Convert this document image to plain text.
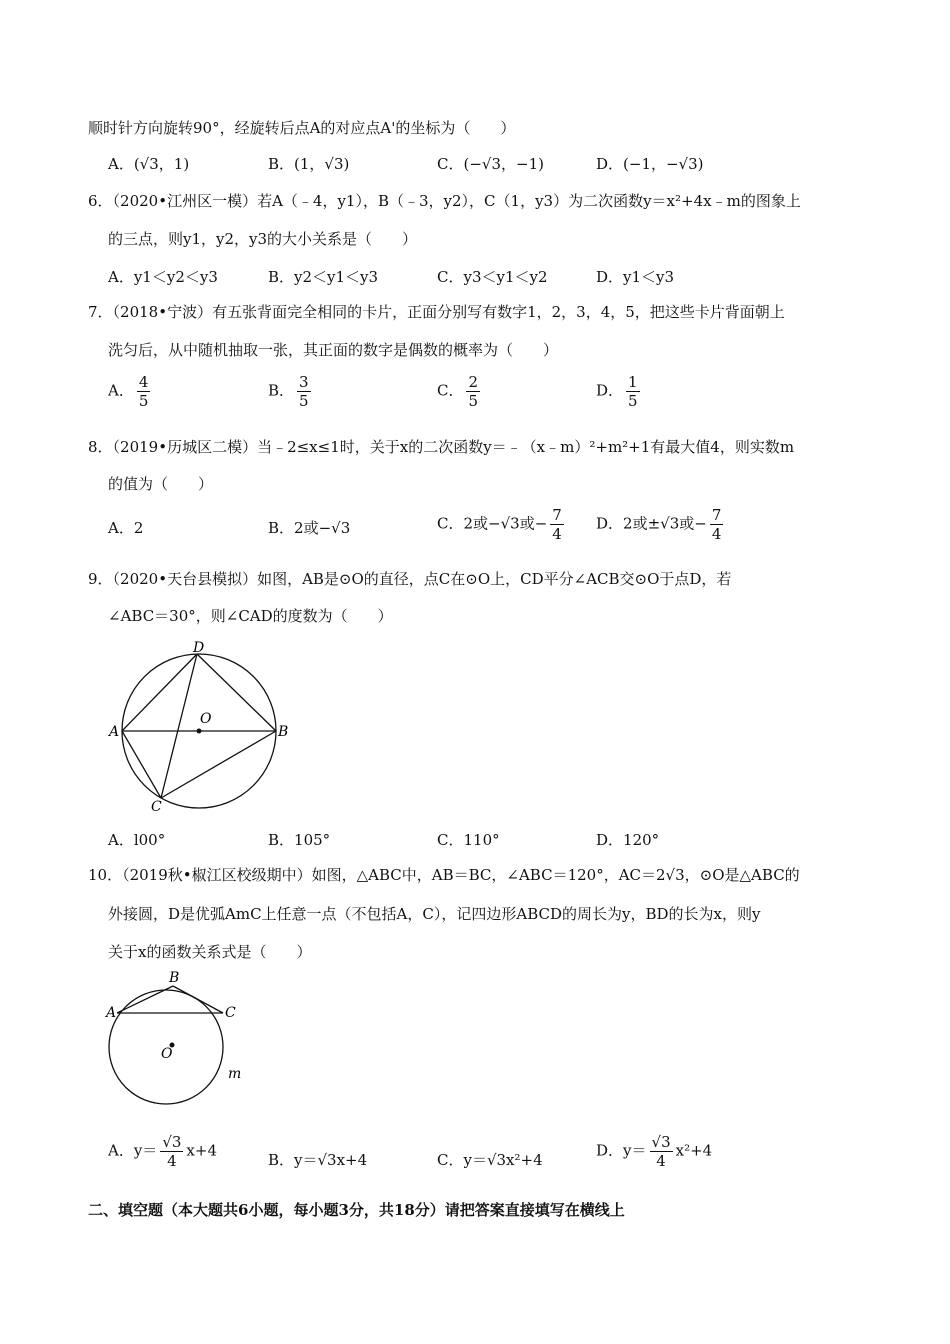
顺时针方向旋转90°，经旋转后点A的对应点A'的坐标为（　　）
A．(√3，1)	B．(1，√3)	C．(−√3，−1)	D．(−1，−√3)
6．（2020•江州区一模）若A（﹣4，y1），B（﹣3，y2），C（1，y3）为二次函数y＝x²+4x﹣m的图象上
的三点，则y1，y2，y3的大小关系是（　　）
A．y1＜y2＜y3	B．y2＜y1＜y3	C．y3＜y1＜y2	D．y1＜y3
7．（2018•宁波）有五张背面完全相同的卡片，正面分别写有数字1，2，3，4，5，把这些卡片背面朝上
洗匀后，从中随机抽取一张，其正面的数字是偶数的概率为（　　）
A． $\frac{4}{5}$	B． $\frac{3}{5}$	C． $\frac{2}{5}$	D． $\frac{1}{5}$
8．（2019•历城区二模）当﹣2≤x≤1时，关于x的二次函数y＝﹣（x﹣m）²+m²+1有最大值4，则实数m
的值为（　　）
A．2	B．2或−√3	C．2或−√3或− $\frac{7}{4}$ D．2或±√3或− $\frac{7}{4}$
9．（2020•天台县模拟）如图，AB是⊙O的直径，点C在⊙O上，CD平分∠ACB交⊙O于点D，若
∠ABC＝30°，则∠CAD的度数为（　　）
A	B
D
C
O
A．l00°	B．105°	C．110°	D．120°
10．（2019秋•椒江区校级期中）如图，△ABC中，AB＝BC，∠ABC＝120°，AC＝2√3，⊙O是△ABC的
外接圆，D是优弧AmC上任意一点（不包括A，C），记四边形ABCD的周长为y，BD的长为x，则y
关于x的函数关系式是（　　）
A
B
C
O
m
A．$y= \frac{√3}{4} x+4$
B．y＝√3x+4	C．y＝√3x²+4
D．$y= \frac{√3}{4} x^2+4$
二、填空题（本大题共6小题，每小题3分，共18分）请把答案直接填写在横线上
